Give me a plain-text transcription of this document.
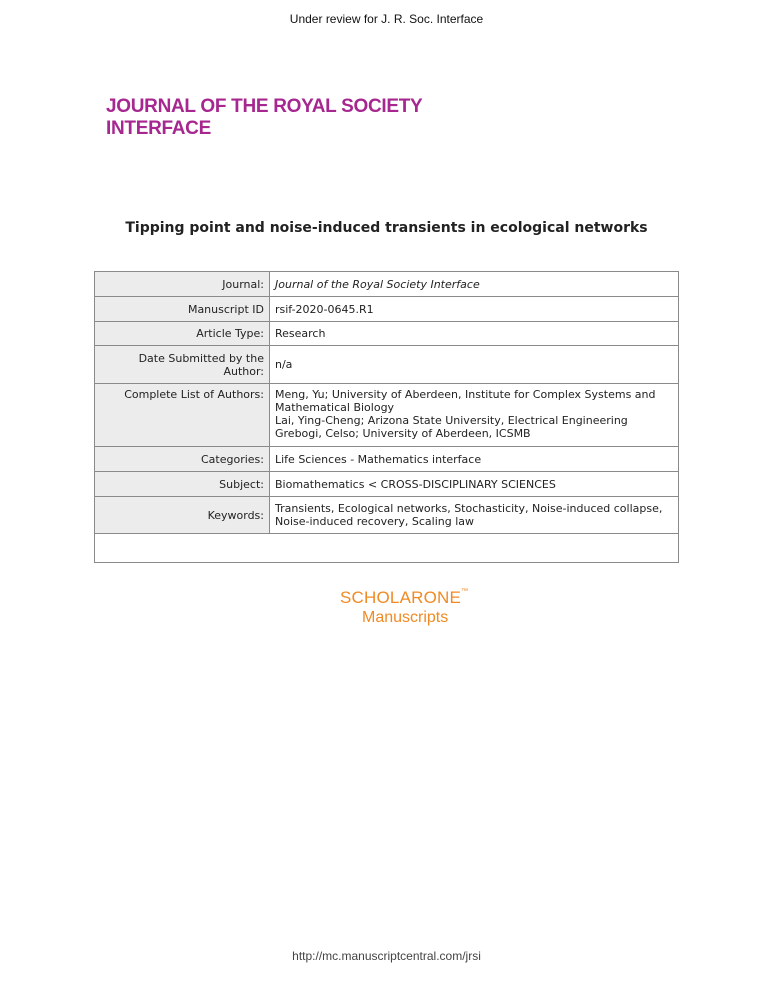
Under review for J. R. Soc. Interface
JOURNAL OF THE ROYAL SOCIETY
INTERFACE
Tipping point and noise-induced transients in ecological networks
Journal:	Journal of the Royal Society Interface
Manuscript ID	rsif-2020-0645.R1
Article Type:	Research
Date Submitted by the Author:	n/a
Complete List of Authors:	Meng, Yu; University of Aberdeen, Institute for Complex Systems and
Mathematical Biology
Lai, Ying-Cheng; Arizona State University, Electrical Engineering
Grebogi, Celso; University of Aberdeen, ICSMB

Categories:	Life Sciences - Mathematics interface
Subject:	Biomathematics < CROSS-DISCIPLINARY SCIENCES
Keywords:	Transients, Ecological networks, Stochasticity, Noise-induced collapse, Noise-induced recovery, Scaling law

SCHOLARONE™
Manuscripts
http://mc.manuscriptcentral.com/jrsi
